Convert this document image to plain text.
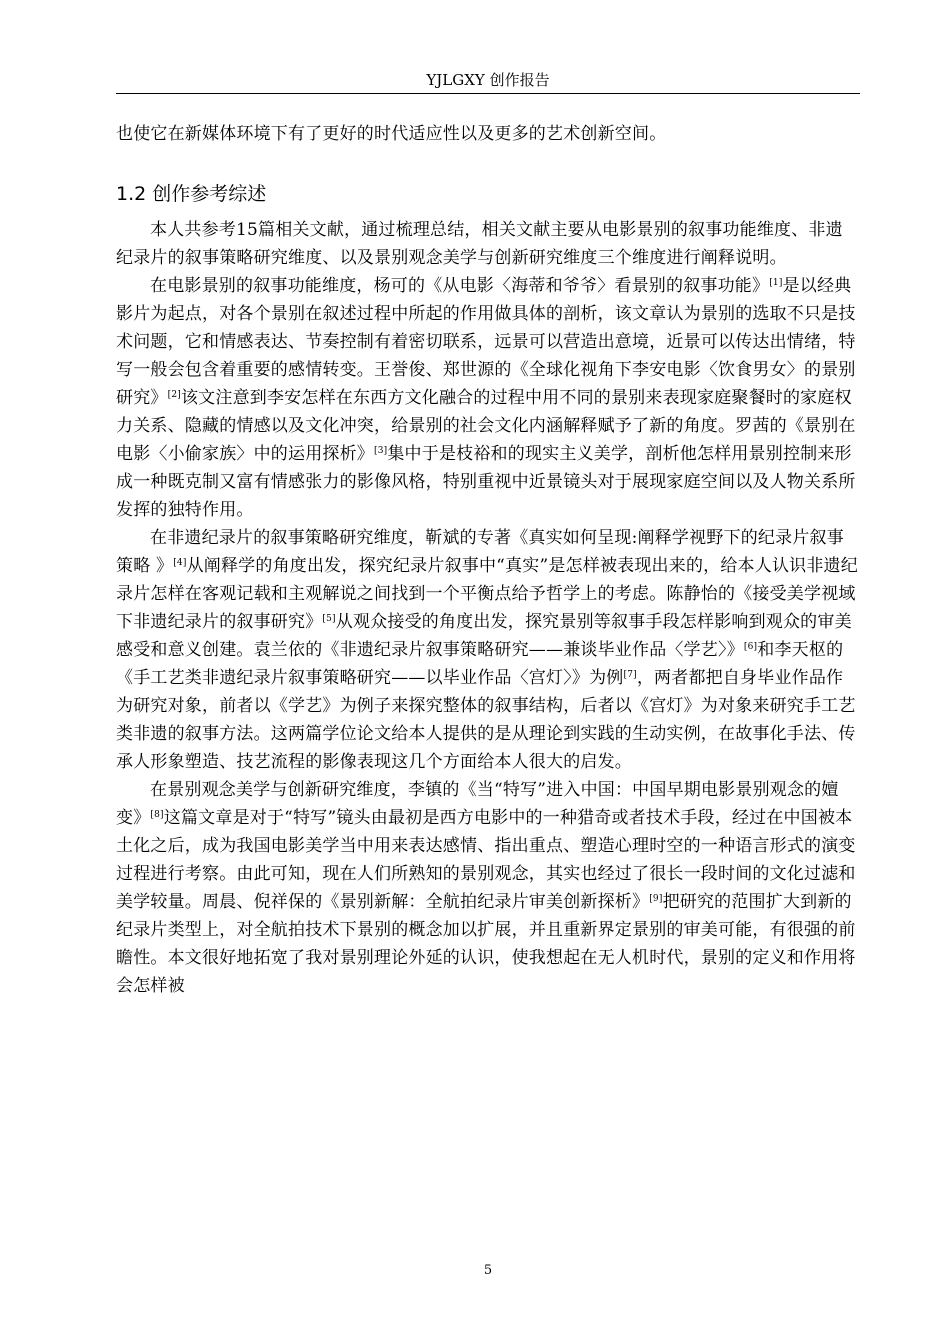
YJLGXY 创作报告

也使它在新媒体环境下有了更好的时代适应性以及更多的艺术创新空间。

1.2 创作参考综述

本人共参考15篇相关文献，通过梳理总结，相关文献主要从电影景别的叙事功能维度、非遗纪录片的叙事策略研究维度、以及景别观念美学与创新研究维度三个维度进行阐释说明。

在电影景别的叙事功能维度，杨可的《从电影〈海蒂和爷爷〉看景别的叙事功能》[1]是以经典影片为起点，对各个景别在叙述过程中所起的作用做具体的剖析，该文章认为景别的选取不只是技术问题，它和情感表达、节奏控制有着密切联系，远景可以营造出意境，近景可以传达出情绪，特写一般会包含着重要的感情转变。王誉俊、郑世源的《全球化视角下李安电影〈饮食男女〉的景别研究》[2]该文注意到李安怎样在东西方文化融合的过程中用不同的景别来表现家庭聚餐时的家庭权力关系、隐藏的情感以及文化冲突，给景别的社会文化内涵解释赋予了新的角度。罗茜的《景别在电影〈小偷家族〉中的运用探析》[3]集中于是枝裕和的现实主义美学，剖析他怎样用景别控制来形成一种既克制又富有情感张力的影像风格，特别重视中近景镜头对于展现家庭空间以及人物关系所发挥的独特作用。

在非遗纪录片的叙事策略研究维度，靳斌的专著《真实如何呈现:阐释学视野下的纪录片叙事策略 》[4]从阐释学的角度出发，探究纪录片叙事中“真实”是怎样被表现出来的，给本人认识非遗纪录片怎样在客观记载和主观解说之间找到一个平衡点给予哲学上的考虑。陈静怡的《接受美学视域下非遗纪录片的叙事研究》[5]从观众接受的角度出发，探究景别等叙事手段怎样影响到观众的审美感受和意义创建。袁兰依的《非遗纪录片叙事策略研究——兼谈毕业作品〈学艺〉》[6]和李天枢的《手工艺类非遗纪录片叙事策略研究——以毕业作品〈宫灯〉》为例[7]，两者都把自身毕业作品作为研究对象，前者以《学艺》为例子来探究整体的叙事结构，后者以《宫灯》为对象来研究手工艺类非遗的叙事方法。这两篇学位论文给本人提供的是从理论到实践的生动实例，在故事化手法、传承人形象塑造、技艺流程的影像表现这几个方面给本人很大的启发。

在景别观念美学与创新研究维度，李镇的《当“特写”进入中国：中国早期电影景别观念的嬗变》[8]这篇文章是对于“特写”镜头由最初是西方电影中的一种猎奇或者技术手段，经过在中国被本土化之后，成为我国电影美学当中用来表达感情、指出重点、塑造心理时空的一种语言形式的演变过程进行考察。由此可知，现在人们所熟知的景别观念，其实也经过了很长一段时间的文化过滤和美学较量。周晨、倪祥保的《景别新解：全航拍纪录片审美创新探析》[9]把研究的范围扩大到新的纪录片类型上，对全航拍技术下景别的概念加以扩展，并且重新界定景别的审美可能，有很强的前瞻性。本文很好地拓宽了我对景别理论外延的认识，使我想起在无人机时代，景别的定义和作用将会怎样被

5
